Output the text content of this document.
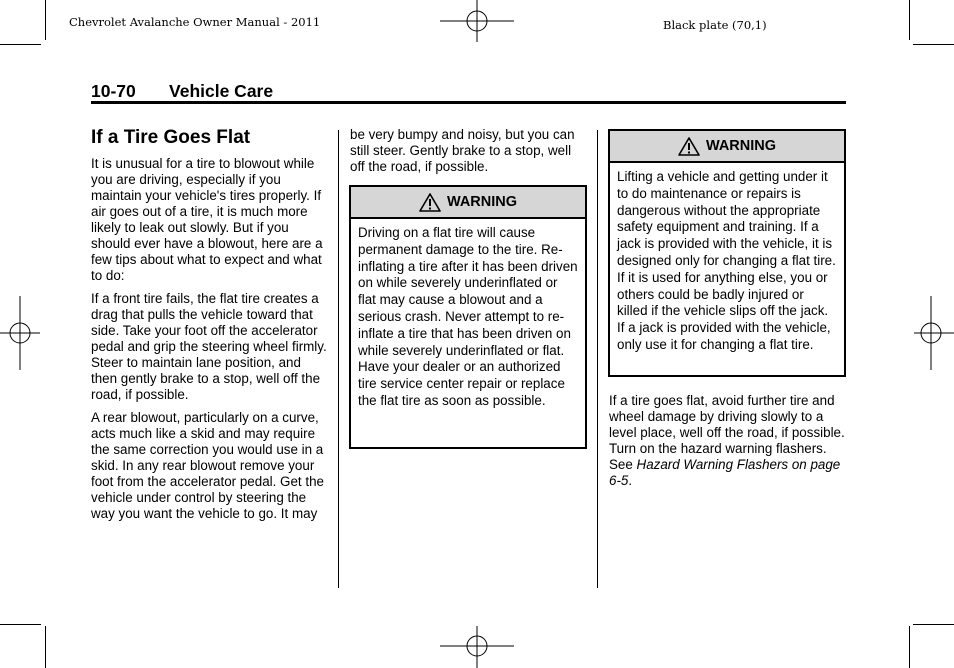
Chevrolet Avalanche Owner Manual - 2011	Black plate (70,1)
10-70 Vehicle Care
If a Tire Goes Flat

It is unusual for a tire to blowout while you are driving, especially if you maintain your vehicle's tires properly. If air goes out of a tire, it is much more likely to leak out slowly. But if you should ever have a blowout, here are a few tips about what to expect and what to do:

If a front tire fails, the flat tire creates a drag that pulls the vehicle toward that side. Take your foot off the accelerator pedal and grip the steering wheel firmly. Steer to maintain lane position, and then gently brake to a stop, well off the road, if possible.

A rear blowout, particularly on a curve, acts much like a skid and may require the same correction you would use in a skid. In any rear blowout remove your foot from the accelerator pedal. Get the vehicle under control by steering the way you want the vehicle to go. It may

be very bumpy and noisy, but you can still steer. Gently brake to a stop, well off the road, if possible.

WARNING
Driving on a flat tire will cause permanent damage to the tire. Re-inflating a tire after it has been driven on while severely underinflated or flat may cause a blowout and a serious crash. Never attempt to re-inflate a tire that has been driven on while severely underinflated or flat. Have your dealer or an authorized tire service center repair or replace the flat tire as soon as possible.
WARNING
Lifting a vehicle and getting under it to do maintenance or repairs is dangerous without the appropriate safety equipment and training. If a jack is provided with the vehicle, it is designed only for changing a flat tire. If it is used for anything else, you or others could be badly injured or killed if the vehicle slips off the jack. If a jack is provided with the vehicle, only use it for changing a flat tire.

If a tire goes flat, avoid further tire and wheel damage by driving slowly to a level place, well off the road, if possible. Turn on the hazard warning flashers. See Hazard Warning Flashers on page 6-5.
